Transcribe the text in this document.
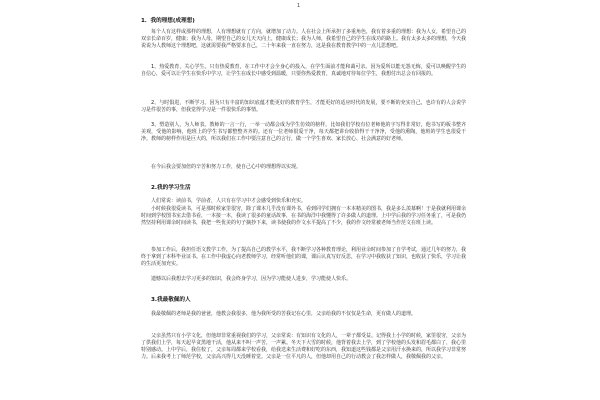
1
1．我的理想(成理想)

每个人有这样或那样的理想，人有理想就有了方向，就增加了动力。人在社会上所承担了多重角色，我有着多重的理想：我为人女，希望自己的双亲长命百岁，健康；我为人母，期望自己的女儿天天向上，健康成长；我为人师，我希望自己的学生在成功的路上。我有太多太多的理想，今天我说说为人教师这个理想吧，这就需要我严格要求自己，二十年来我一直在努力，这是我在教育教学中的一点儿思想吧。

1、热爱教育，关心学生。只有热爱教育，在工作中才会全身心的投入，在学生面前才能和蔼可亲。因为爱所以能无怨无悔，爱可以唤醒学生的自信心，爱可以让学生在快乐中学习，让学生在成长中感受到温暖，只要你热爱教育，真诚地对待每位学生，我想付出总会有回报的。

2、与时俱进，不断学习。因为只有丰富的知识底蕴才能更好的教育学生，才能更好的适应时代的发展，要不断的充实自己，也许有的人会说学习是件很苦的事，但我觉得学习是一件很快乐的事情。

3、塑造别人，为人师表。教师的一言一行，一举一动都会成为学生仿效的榜样。比如我们学校有位老师他的字写得非常好，他书写的板书整齐美观，受他的影响，他班上的学生书写都整整齐齐的。还有一位老师很爱干净，每天都把讲台收拾得干干净净，受他的熏陶，他班的学生也很爱干净。教师的榜样作用是巨大的，所以我们在工作中要注意自己的言行，做一个学生喜欢、家长放心、社会满意的好老师。

在今后我会要加倍的辛苦和努力工作，使自己心中的理想得以实现。

2.我的学习生活

人们常说：读前书，学前者，人只有在学习中才会感受到快乐和充实。

小时候我很爱读书，可是那时候家里很穷，除了课本几乎没有课外书，看到同学们拥有一本本精美的图书，我是多么羡慕啊！于是我就利用课余时间到学校图书室去借书看，一本接一本，我读了很多的童话故事，在书的海洋中我懂得了许多做人的道理。上中学后我的学习任务重了，可是我仍然坚持利用课余时间读书，我把一些优美的句子摘抄下来，读书使我的作文水平提高了不少，我的作文经常被老师当作范文在班上读。

参加工作后，我担任语文教学工作，为了提高自己的教学水平，我不断学习各种教育理论，利用业余时间参加了自学考试，通过几年的努力，我终于拿到了本科毕业证书。在工作中我虚心向老教师学习，经常听他们的课，课后认真写好反思，在学习中我收获了知识，也收获了快乐，学习让我的生活更加充实。

遗憾以后我想去学习更多的知识，我会终身学习，因为学习能使人进步，学习能使人快乐。

3.我最敬佩的人

我最敬佩的老师是我的爸爸，他教会我很多，他为我所受的苦我记在心里，父亲给我的不仅仅是生命，更有做人的道理。

父亲虽然只有小学文化，但他却非常重视我们的学习，父亲常说：有知识有文化的人，一辈子都受益。记得我上小学的时候，家里很穷，父亲为了供我们上学，每天起早贪黑地干活，他从来不叫一声苦，一声累。冬天下大雪的时候，他背着我去上学，到了学校他的头发和眉毛都白了，我心里特别感动。上中学后，我住校了，父亲每周都来学校看我，给我送来生活费和好吃的东西，我知道这些钱都是父亲用汗水换来的，所以我学习非常努力。后来我考上了师范学校，父亲高兴得几天没睡着觉。父亲是一位平凡的人，但他却用自己的行动教会了我怎样做人，我敬佩我的父亲。
